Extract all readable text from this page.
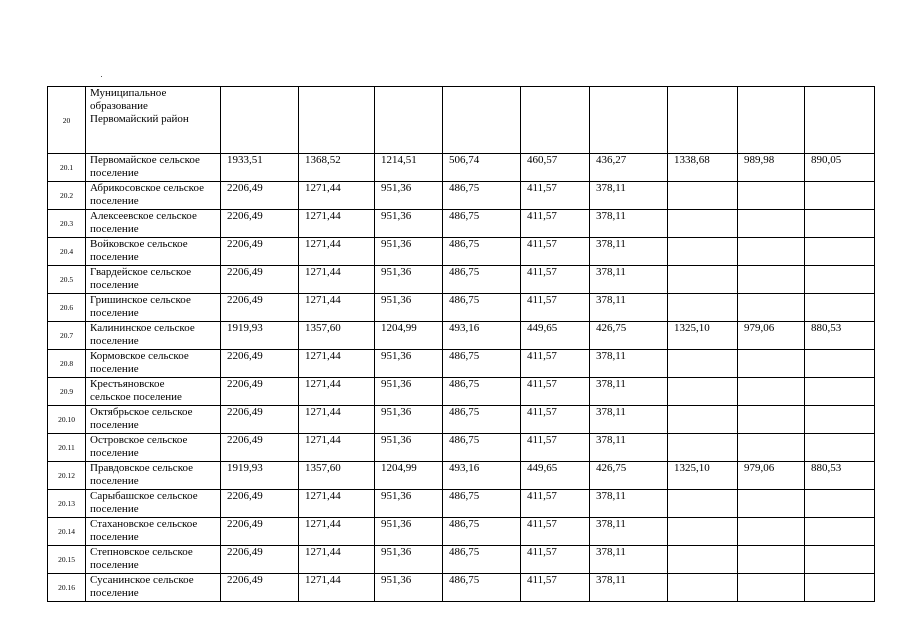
20	Муниципальное
образование
Первомайский район									
20.1	Первомайское сельское
поселение	1933,51	1368,52	1214,51	506,74	460,57	436,27	1338,68	989,98	890,05
20.2	Абрикосовское сельское
поселение	2206,49	1271,44	951,36	486,75	411,57	378,11			
20.3	Алексеевское сельское
поселение	2206,49	1271,44	951,36	486,75	411,57	378,11			
20.4	Войковское сельское
поселение	2206,49	1271,44	951,36	486,75	411,57	378,11			
20.5	Гвардейское сельское
поселение	2206,49	1271,44	951,36	486,75	411,57	378,11			
20.6	Гришинское сельское
поселение	2206,49	1271,44	951,36	486,75	411,57	378,11			
20.7	Калининское сельское
поселение	1919,93	1357,60	1204,99	493,16	449,65	426,75	1325,10	979,06	880,53
20.8	Кормовское сельское
поселение	2206,49	1271,44	951,36	486,75	411,57	378,11			
20.9	Крестьяновское
сельское поселение	2206,49	1271,44	951,36	486,75	411,57	378,11			
20.10	Октябрьское сельское
поселение	2206,49	1271,44	951,36	486,75	411,57	378,11			
20.11	Островское сельское
поселение	2206,49	1271,44	951,36	486,75	411,57	378,11			
20.12	Правдовское сельское
поселение	1919,93	1357,60	1204,99	493,16	449,65	426,75	1325,10	979,06	880,53
20.13	Сарыбашское сельское
поселение	2206,49	1271,44	951,36	486,75	411,57	378,11			
20.14	Стахановское сельское
поселение	2206,49	1271,44	951,36	486,75	411,57	378,11			
20.15	Степновское сельское
поселение	2206,49	1271,44	951,36	486,75	411,57	378,11			
20.16	Сусанинское сельское
поселение	2206,49	1271,44	951,36	486,75	411,57	378,11			
